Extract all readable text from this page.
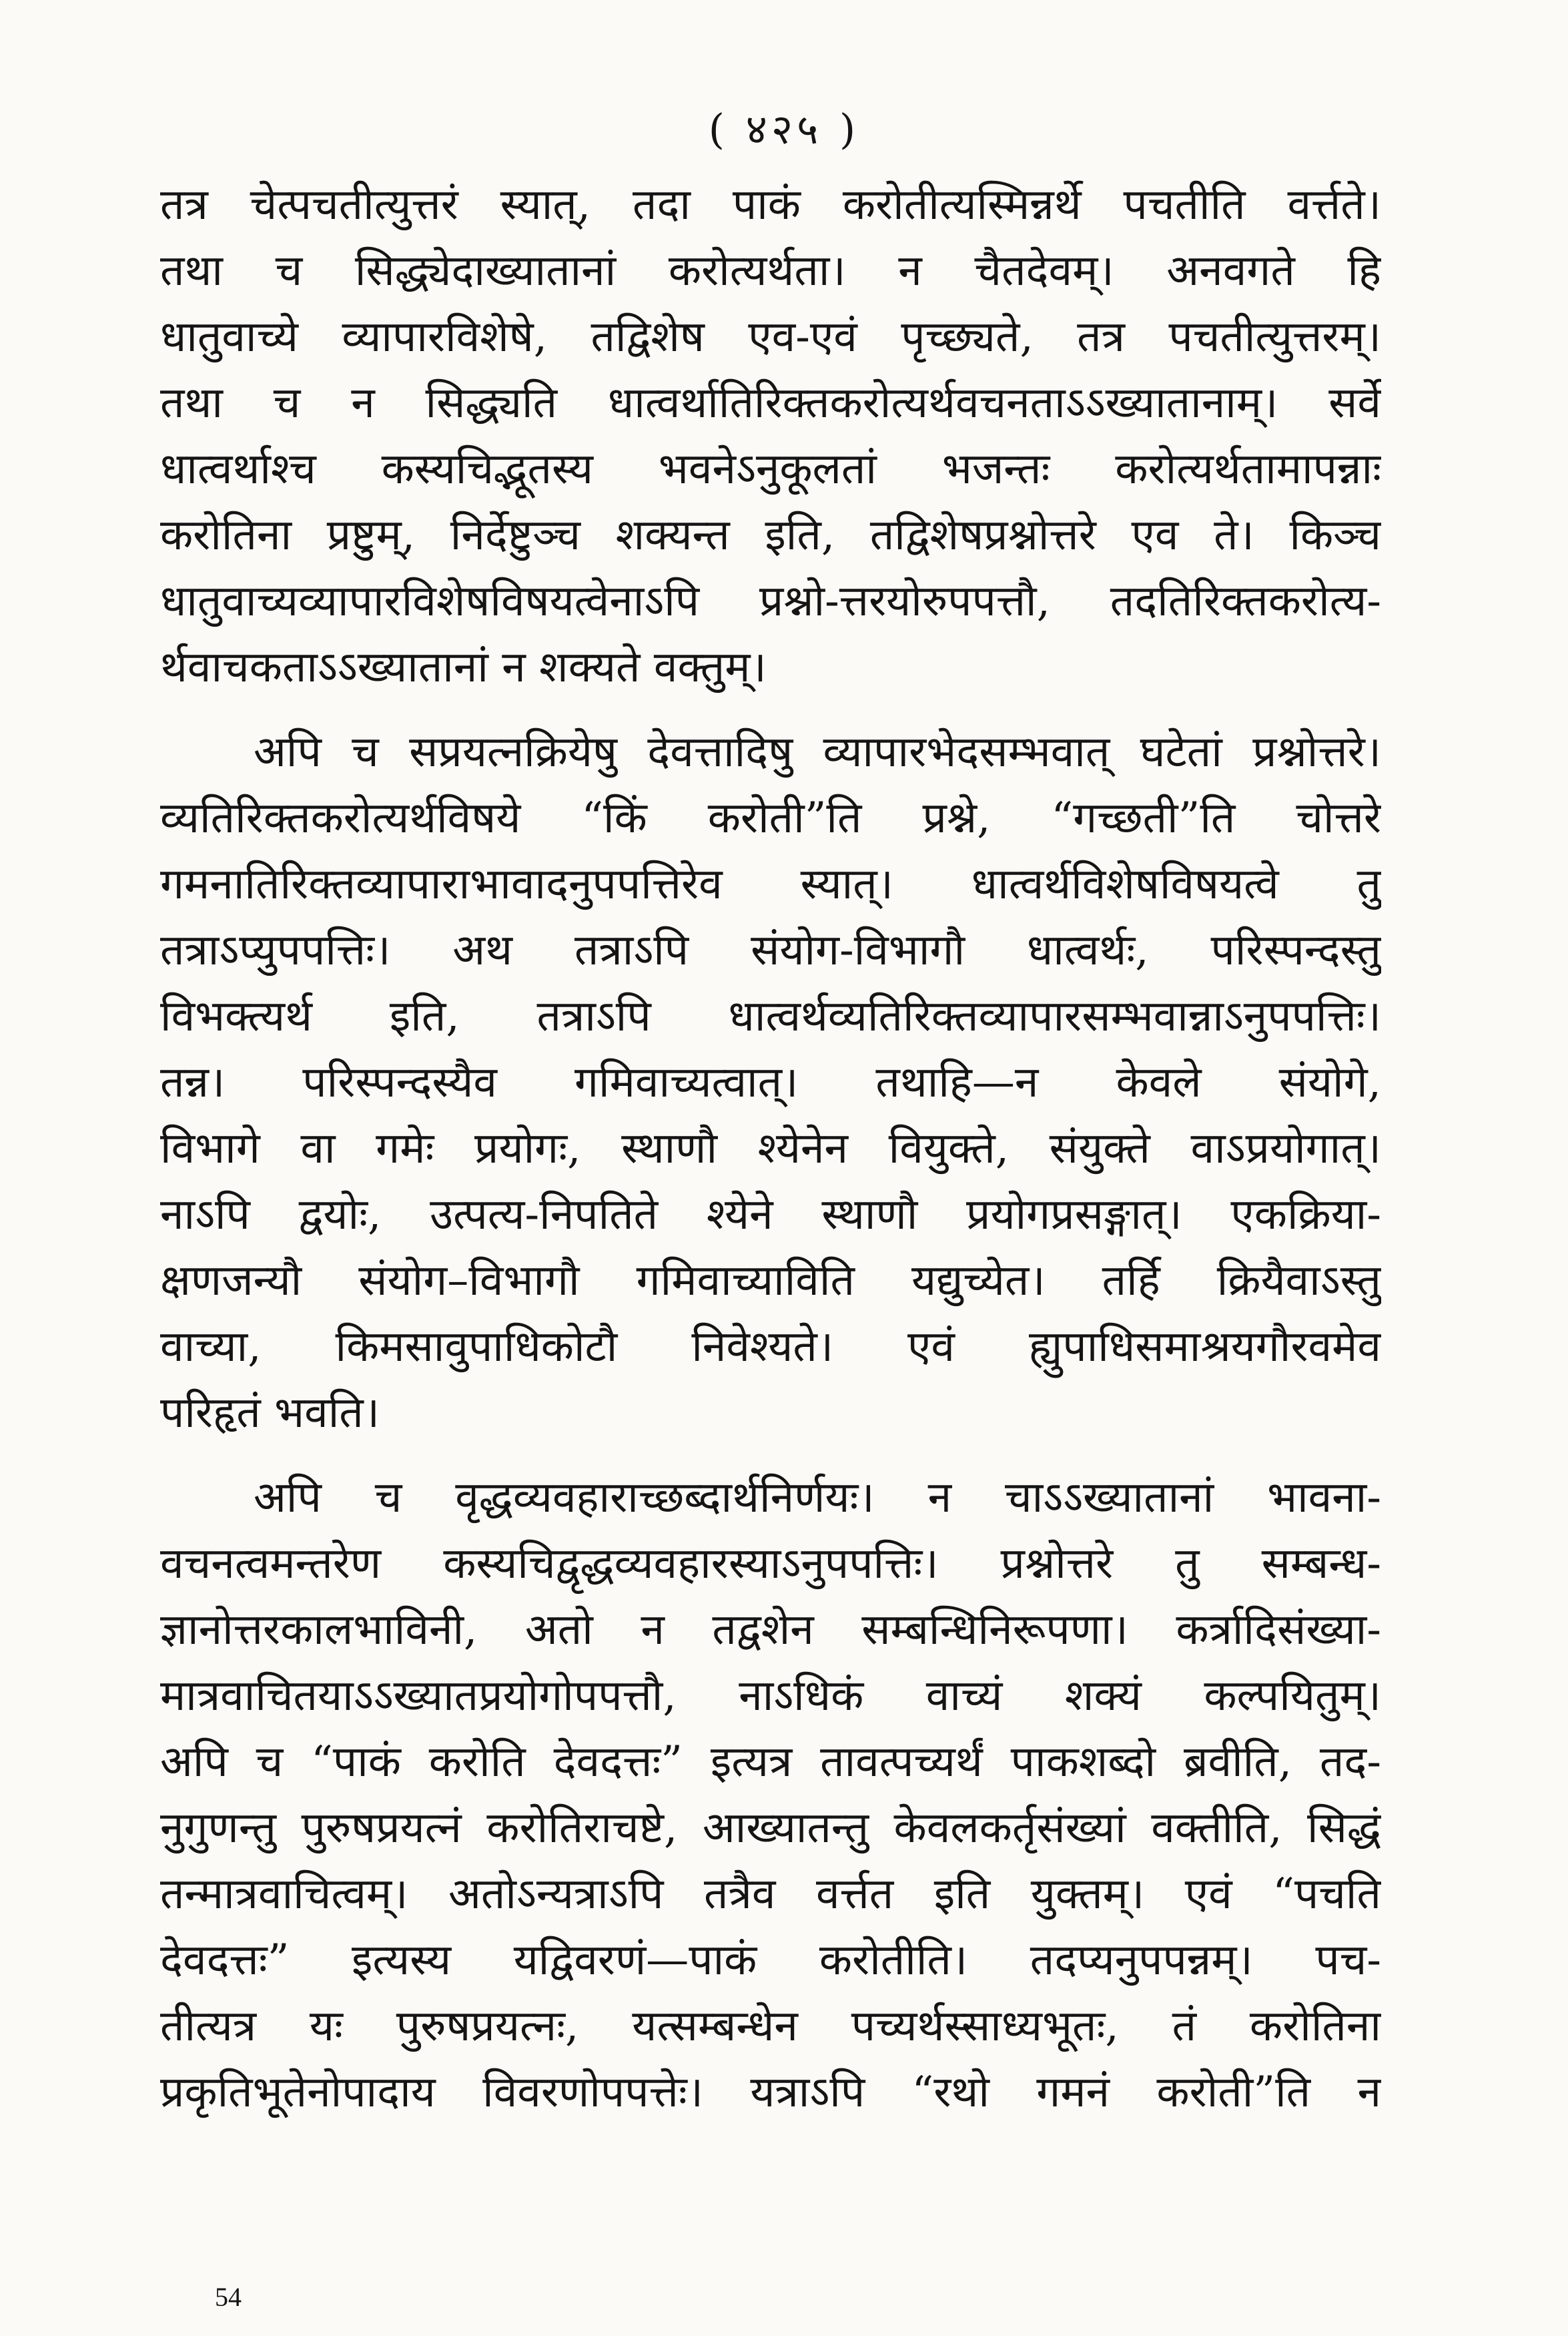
( ४२५ )
तत्र चेत्पचतीत्युत्तरं स्यात्, तदा पाकं करोतीत्यस्मिन्नर्थे पचतीति वर्त्तते।
तथा च सिद्ध्येदाख्यातानां करोत्यर्थता। न चैतदेवम्। अनवगते हि
धातुवाच्ये व्यापारविशेषे, तद्विशेष एव-एवं पृच्छ्यते, तत्र पचतीत्युत्तरम्।
तथा च न सिद्ध्यति धात्वर्थातिरिक्तकरोत्यर्थवचनताऽऽख्यातानाम्। सर्वे
धात्वर्थाश्च कस्यचिद्भूतस्य भवनेऽनुकूलतां भजन्तः करोत्यर्थतामापन्नाः
करोतिना प्रष्टुम्, निर्देष्टुञ्च शक्यन्त इति, तद्विशेषप्रश्नोत्तरे एव ते। किञ्च
धातुवाच्यव्यापारविशेषविषयत्वेनाऽपि प्रश्नो-त्तरयोरुपपत्तौ, तदतिरिक्तकरोत्य-
र्थवाचकताऽऽख्यातानां न शक्यते वक्तुम्।
अपि च सप्रयत्नक्रियेषु देवत्तादिषु व्यापारभेदसम्भवात् घटेतां प्रश्नोत्तरे।
व्यतिरिक्तकरोत्यर्थविषये “किं करोती”ति प्रश्ने, “गच्छती”ति चोत्तरे
गमनातिरिक्तव्यापाराभावादनुपपत्तिरेव स्यात्। धात्वर्थविशेषविषयत्वे तु
तत्राऽप्युपपत्तिः। अथ तत्राऽपि संयोग-विभागौ धात्वर्थः, परिस्पन्दस्तु
विभक्त्यर्थ इति, तत्राऽपि धात्वर्थव्यतिरिक्तव्यापारसम्भवान्नाऽनुपपत्तिः।
तन्न। परिस्पन्दस्यैव गमिवाच्यत्वात्। तथाहि—न केवले संयोगे,
विभागे वा गमेः प्रयोगः, स्थाणौ श्येनेन वियुक्ते, संयुक्ते वाऽप्रयोगात्।
नाऽपि द्वयोः, उत्पत्य-निपतिते श्येने स्थाणौ प्रयोगप्रसङ्गात्। एकक्रिया-
क्षणजन्यौ संयोग–विभागौ गमिवाच्याविति यद्युच्येत। तर्हि क्रियैवाऽस्तु
वाच्या, किमसावुपाधिकोटौ निवेश्यते। एवं ह्युपाधिसमाश्रयगौरवमेव
परिहृतं भवति।
अपि च वृद्धव्यवहाराच्छब्दार्थनिर्णयः। न चाऽऽख्यातानां भावना-
वचनत्वमन्तरेण कस्यचिद्वृद्धव्यवहारस्याऽनुपपत्तिः। प्रश्नोत्तरे तु सम्बन्ध-
ज्ञानोत्तरकालभाविनी, अतो न तद्वशेन सम्बन्धिनिरूपणा। कर्त्रादिसंख्या-
मात्रवाचितयाऽऽख्यातप्रयोगोपपत्तौ, नाऽधिकं वाच्यं शक्यं कल्पयितुम्।
अपि च “पाकं करोति देवदत्तः” इत्यत्र तावत्पच्यर्थं पाकशब्दो ब्रवीति, तद-
नुगुणन्तु पुरुषप्रयत्नं करोतिराचष्टे, आख्यातन्तु केवलकर्तृसंख्यां वक्तीति, सिद्धं
तन्मात्रवाचित्वम्। अतोऽन्यत्राऽपि तत्रैव वर्त्तत इति युक्तम्। एवं “पचति
देवदत्तः” इत्यस्य यद्विवरणं—पाकं करोतीति। तदप्यनुपपन्नम्। पच-
तीत्यत्र यः पुरुषप्रयत्नः, यत्सम्बन्धेन पच्यर्थस्साध्यभूतः, तं करोतिना
प्रकृतिभूतेनोपादाय विवरणोपपत्तेः। यत्राऽपि “रथो गमनं करोती”ति न
54
